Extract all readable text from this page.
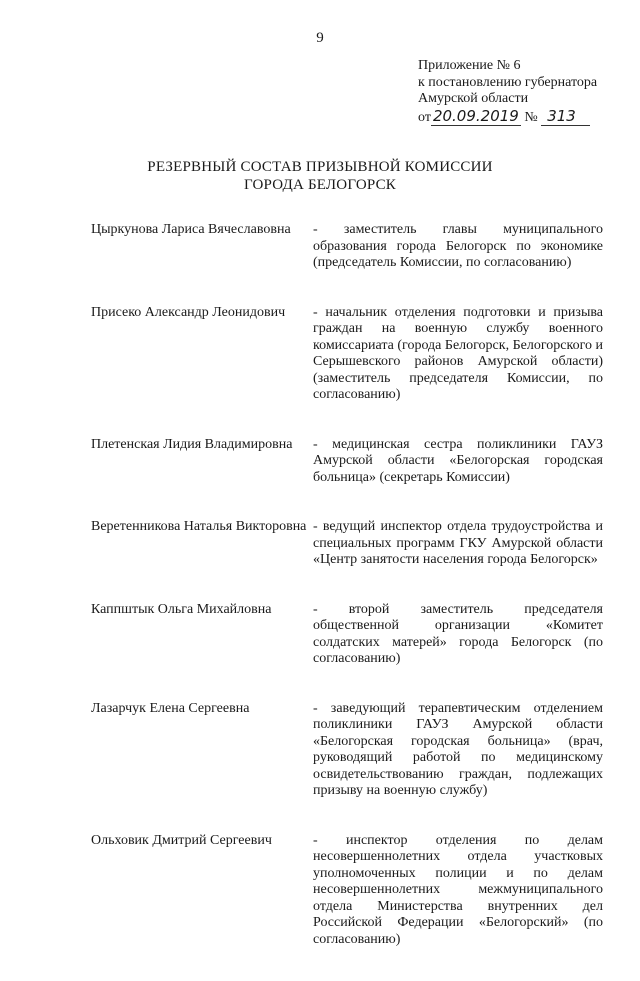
9
Приложение № 6
к постановлению губернатора
Амурской области
от 20.09.2019 № 313
РЕЗЕРВНЫЙ СОСТАВ ПРИЗЫВНОЙ КОМИССИИ
ГОРОДА БЕЛОГОРСК
Цыркунова Лариса Вячеславовна	- заместитель главы муниципального образования города Белогорск по экономике (председатель Комиссии, по согласованию)
Присеко Александр Леонидович	- начальник отделения подготовки и призыва граждан на военную службу военного комиссариата (города Белогорск, Белогорского и Серышевского районов Амурской области) (заместитель председателя Комиссии, по согласованию)
Плетенская Лидия Владимировна	- медицинская сестра поликлиники ГАУЗ Амурской области «Белогорская городская больница» (секретарь Комиссии)
Веретенникова Наталья Викторовна - ведущий инспектор отдела трудоустройства и специальных программ ГКУ Амурской области «Центр занятости населения города Белогорск»
Каппштык Ольга Михайловна	- второй заместитель председателя общественной организации «Комитет солдатских матерей» города Белогорск (по согласованию)
Лазарчук Елена Сергеевна	- заведующий терапевтическим отделением поликлиники ГАУЗ Амурской области «Белогорская городская больница» (врач, руководящий работой по медицинскому освидетельствованию граждан, подлежащих призыву на военную службу)
Ольховик Дмитрий Сергеевич	- инспектор отделения по делам несовершеннолетних отдела участковых уполномоченных полиции и по делам несовершеннолетних межмуниципального отдела Министерства внутренних дел Российской Федерации «Белогорский» (по согласованию)
